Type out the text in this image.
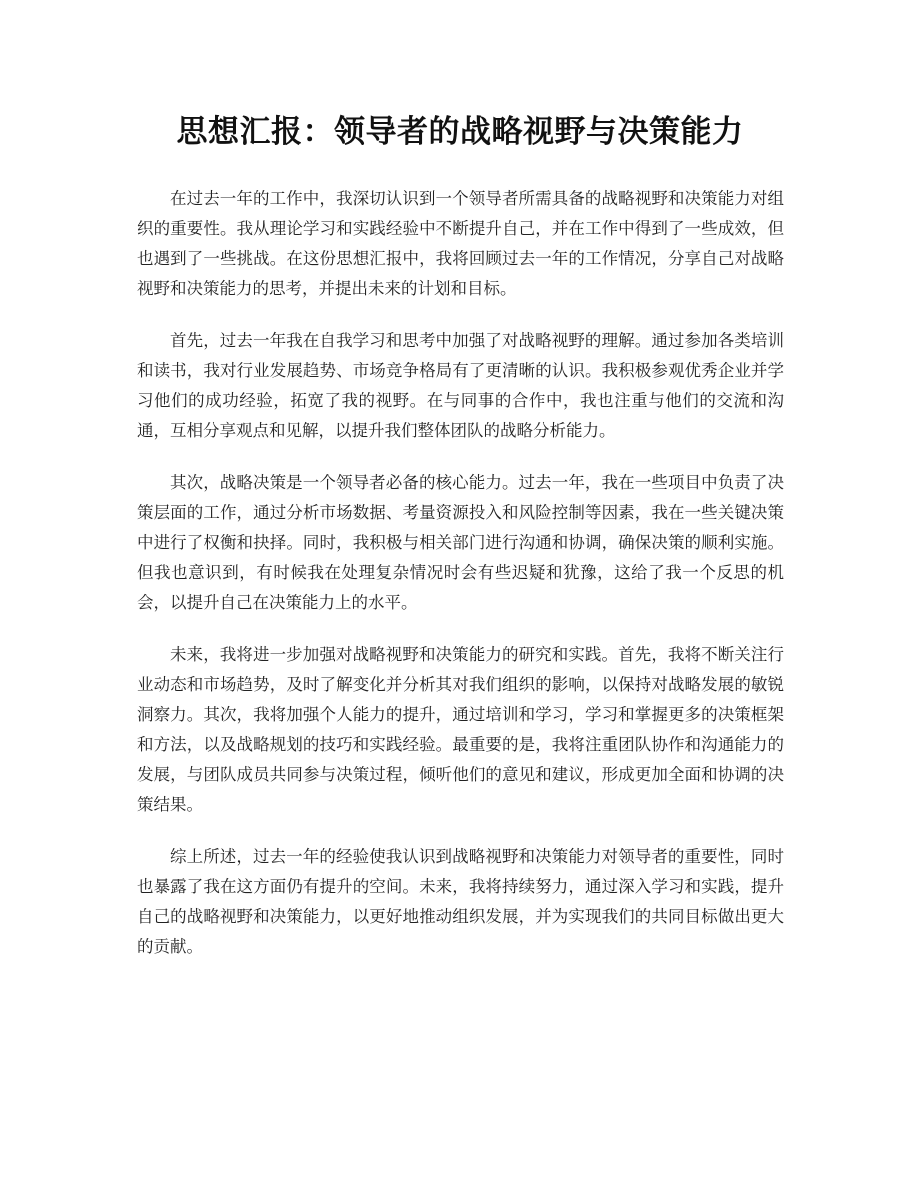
思想汇报：领导者的战略视野与决策能力

在过去一年的工作中，我深切认识到一个领导者所需具备的战略视野和决策能力对组织的重要性。我从理论学习和实践经验中不断提升自己，并在工作中得到了一些成效，但也遇到了一些挑战。在这份思想汇报中，我将回顾过去一年的工作情况，分享自己对战略视野和决策能力的思考，并提出未来的计划和目标。

首先，过去一年我在自我学习和思考中加强了对战略视野的理解。通过参加各类培训和读书，我对行业发展趋势、市场竞争格局有了更清晰的认识。我积极参观优秀企业并学习他们的成功经验，拓宽了我的视野。在与同事的合作中，我也注重与他们的交流和沟通，互相分享观点和见解，以提升我们整体团队的战略分析能力。

其次，战略决策是一个领导者必备的核心能力。过去一年，我在一些项目中负责了决策层面的工作，通过分析市场数据、考量资源投入和风险控制等因素，我在一些关键决策中进行了权衡和抉择。同时，我积极与相关部门进行沟通和协调，确保决策的顺利实施。但我也意识到，有时候我在处理复杂情况时会有些迟疑和犹豫，这给了我一个反思的机会，以提升自己在决策能力上的水平。

未来，我将进一步加强对战略视野和决策能力的研究和实践。首先，我将不断关注行业动态和市场趋势，及时了解变化并分析其对我们组织的影响，以保持对战略发展的敏锐洞察力。其次，我将加强个人能力的提升，通过培训和学习，学习和掌握更多的决策框架和方法，以及战略规划的技巧和实践经验。最重要的是，我将注重团队协作和沟通能力的发展，与团队成员共同参与决策过程，倾听他们的意见和建议，形成更加全面和协调的决策结果。

综上所述，过去一年的经验使我认识到战略视野和决策能力对领导者的重要性，同时也暴露了我在这方面仍有提升的空间。未来，我将持续努力，通过深入学习和实践，提升自己的战略视野和决策能力，以更好地推动组织发展，并为实现我们的共同目标做出更大的贡献。
